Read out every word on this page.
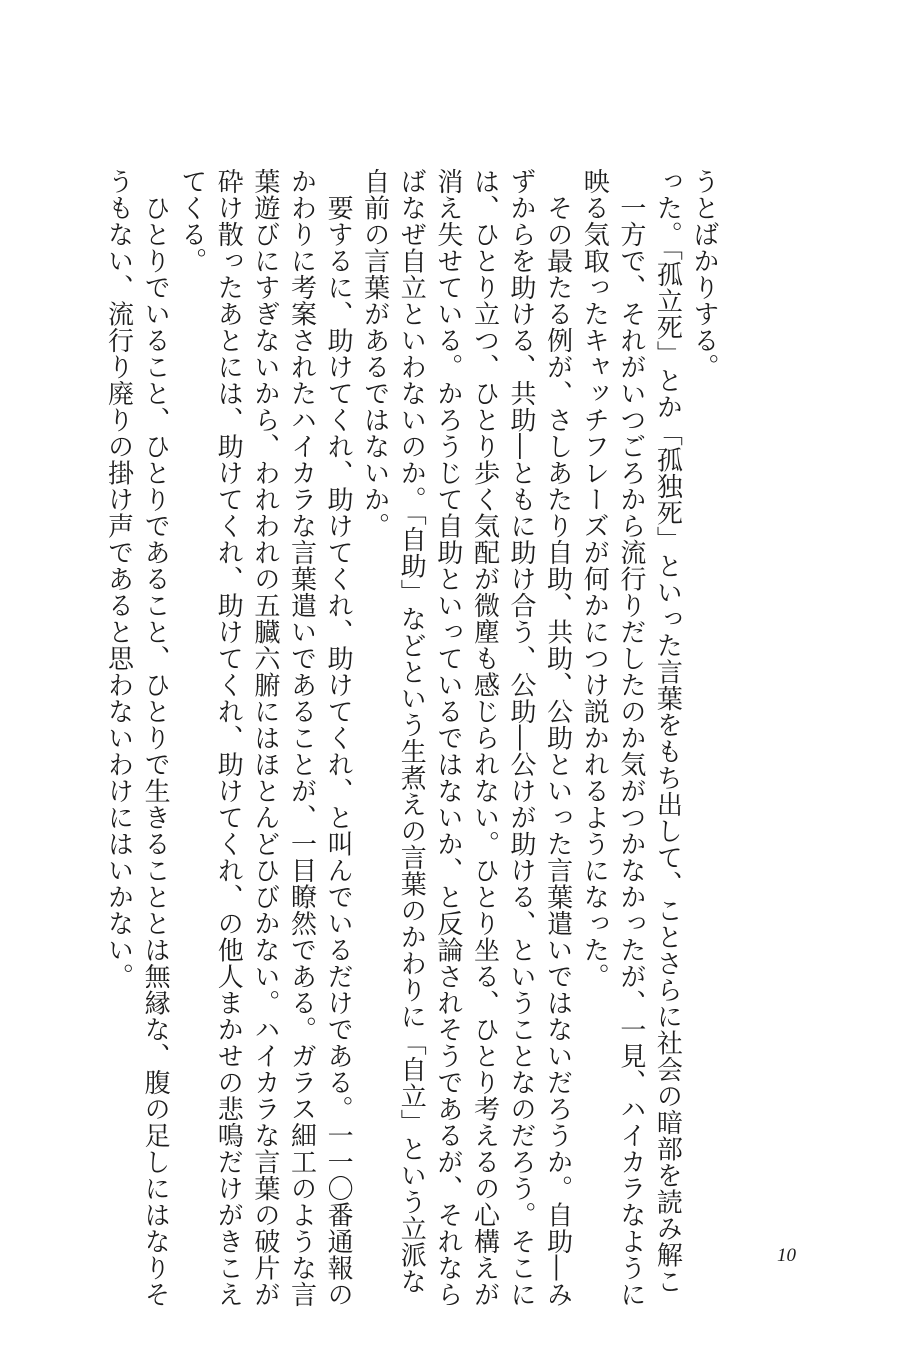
うとばかりする。
った。「孤立死」とか「孤独死」といった言葉をもち出して、ことさらに社会の暗部を読み解こ
　一方で、それがいつごろから流行りだしたのか気がつかなかったが、一見、ハイカラなように
映る気取ったキャッチフレーズが何かにつけ説かれるようになった。
　その最たる例が、さしあたり自助、共助、公助といった言葉遣いではないだろうか。自助―み
ずからを助ける、共助―ともに助け合う、公助―公けが助ける、ということなのだろう。そこに
は、ひとり立つ、ひとり歩く気配が微塵も感じられない。ひとり坐る、ひとり考えるの心構えが
消え失せている。かろうじて自助といっているではないか、と反論されそうであるが、それなら
ばなぜ自立といわないのか。「自助」などという生煮えの言葉のかわりに「自立」という立派な
自前の言葉があるではないか。
　要するに、助けてくれ、助けてくれ、助けてくれ、と叫んでいるだけである。一一〇番通報の
かわりに考案されたハイカラな言葉遣いであることが、一目瞭然である。ガラス細工のような言
葉遊びにすぎないから、われわれの五臓六腑にはほとんどひびかない。ハイカラな言葉の破片が
砕け散ったあとには、助けてくれ、助けてくれ、助けてくれ、の他人まかせの悲鳴だけがきこえ
てくる。
　ひとりでいること、ひとりであること、ひとりで生きることとは無縁な、腹の足しにはなりそ
うもない、流行り廃りの掛け声であると思わないわけにはいかない。
10
